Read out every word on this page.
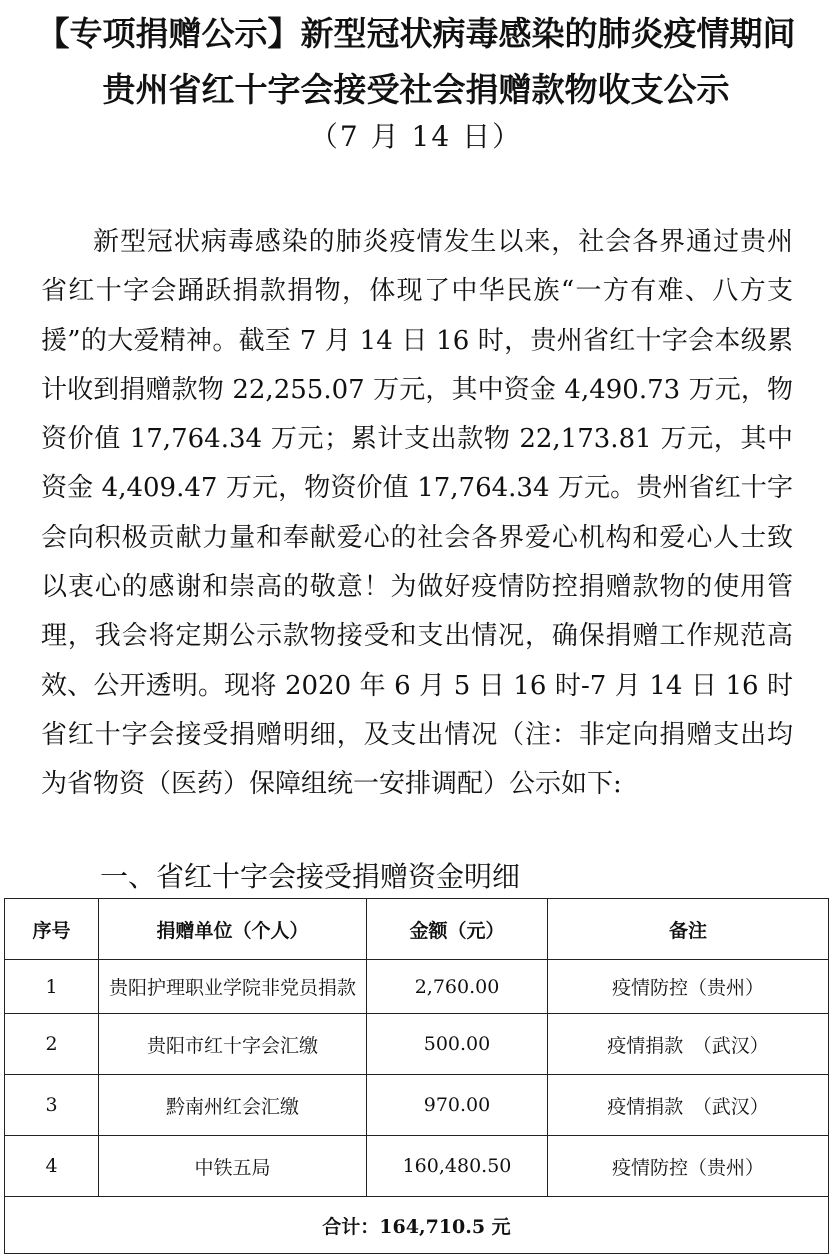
【专项捐赠公示】新型冠状病毒感染的肺炎疫情期间
贵州省红十字会接受社会捐赠款物收支公示
（7 月 14 日）

新型冠状病毒感染的肺炎疫情发生以来，社会各界通过贵州省红十字会踊跃捐款捐物，体现了中华民族“一方有难、八方支援”的大爱精神。截至 7 月 14 日 16 时，贵州省红十字会本级累计收到捐赠款物 22,255.07 万元，其中资金 4,490.73 万元，物资价值 17,764.34 万元；累计支出款物 22,173.81 万元，其中资金 4,409.47 万元，物资价值 17,764.34 万元。贵州省红十字会向积极贡献力量和奉献爱心的社会各界爱心机构和爱心人士致以衷心的感谢和崇高的敬意！为做好疫情防控捐赠款物的使用管理，我会将定期公示款物接受和支出情况，确保捐赠工作规范高效、公开透明。现将 2020 年 6 月 5 日 16 时-7 月 14 日 16 时省红十字会接受捐赠明细，及支出情况（注：非定向捐赠支出均为省物资（医药）保障组统一安排调配）公示如下:

一、省红十字会接受捐赠资金明细
序号	捐赠单位（个人）	金额（元）	备注
1	贵阳护理职业学院非党员捐款	2,760.00	疫情防控（贵州）
2	贵阳市红十字会汇缴	500.00	疫情捐款　（武汉）
3	黔南州红会汇缴	970.00	疫情捐款　（武汉）
4	中铁五局	160,480.50	疫情防控（贵州）
合计：164,710.5 元			
